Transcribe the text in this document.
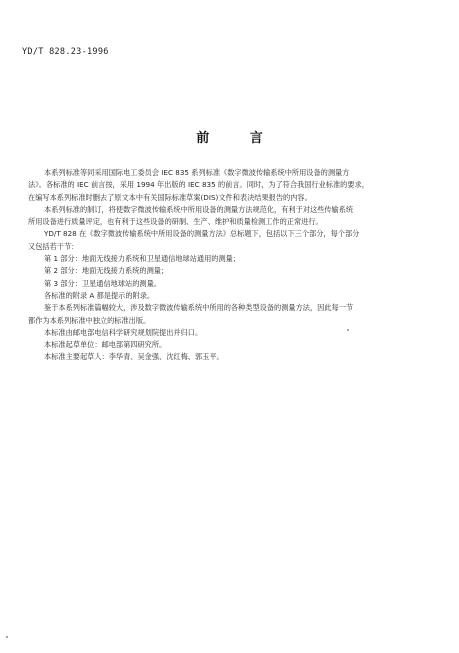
YD/T 828.23-1996
前 言
本系列标准等同采用国际电工委员会 IEC 835 系列标准《数字微波传输系统中所用设备的测量方
法》。各标准的 IEC 前言按，采用 1994 年出版的 IEC 835 的前言。同时，为了符合我国行业标准的要求，
在编写本系列标准时删去了原文本中有关国际标准草案(DIS)文件和表决结果报告的内容。
本系列标准的制订，将使数字微波传输系统中所用设备的测量方法规范化，有利于对这些传输系统
所用设备进行质量评定，也有利于这些设备的研制、生产、维护和质量检测工作的正常进行。
YD/T 828 在《数字微波传输系统中所用设备的测量方法》总标题下，包括以下三个部分，每个部分
又包括若干节：
第 1 部分：地面无线接力系统和卫星通信地球站通用的测量；
第 2 部分：地面无线接力系统的测量；
第 3 部分：卫星通信地球站的测量。
各标准的附录 A 都是提示的附录。
鉴于本系列标准篇幅较大，涉及数字微波传输系统中所用的各种类型设备的测量方法，因此每一节
都作为本系列标准中独立的标准出版。
本标准由邮电部电信科学研究规划院提出并归口。
本标准起草单位：邮电部第四研究所。
本标准主要起草人：李华青、吴金强、沈红梅、郭玉平。
